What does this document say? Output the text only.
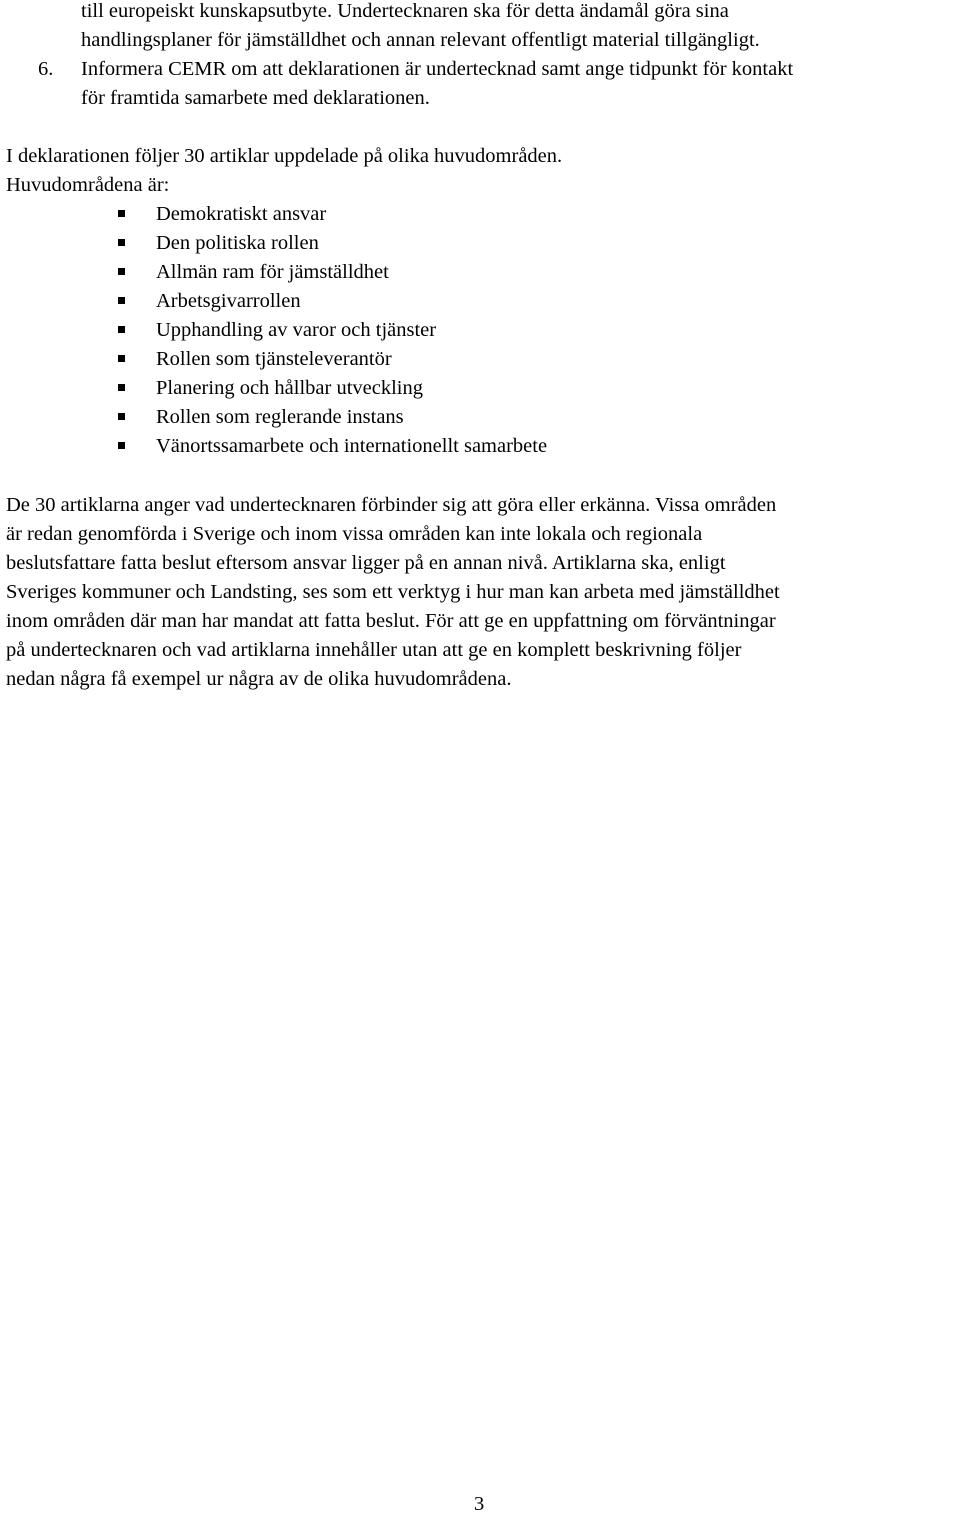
till europeiskt kunskapsutbyte. Undertecknaren ska för detta ändamål göra sina
handlingsplaner för jämställdhet och annan relevant offentligt material tillgängligt.
6. Informera CEMR om att deklarationen är undertecknad samt ange tidpunkt för kontakt
för framtida samarbete med deklarationen.
I deklarationen följer 30 artiklar uppdelade på olika huvudområden.
Huvudområdena är:
Demokratiskt ansvar
Den politiska rollen
Allmän ram för jämställdhet
Arbetsgivarrollen
Upphandling av varor och tjänster
Rollen som tjänsteleverantör
Planering och hållbar utveckling
Rollen som reglerande instans
Vänortssamarbete och internationellt samarbete
De 30 artiklarna anger vad undertecknaren förbinder sig att göra eller erkänna. Vissa områden
är redan genomförda i Sverige och inom vissa områden kan inte lokala och regionala
beslutsfattare fatta beslut eftersom ansvar ligger på en annan nivå. Artiklarna ska, enligt
Sveriges kommuner och Landsting, ses som ett verktyg i hur man kan arbeta med jämställdhet
inom områden där man har mandat att fatta beslut. För att ge en uppfattning om förväntningar
på undertecknaren och vad artiklarna innehåller utan att ge en komplett beskrivning följer
nedan några få exempel ur några av de olika huvudområdena.
3
